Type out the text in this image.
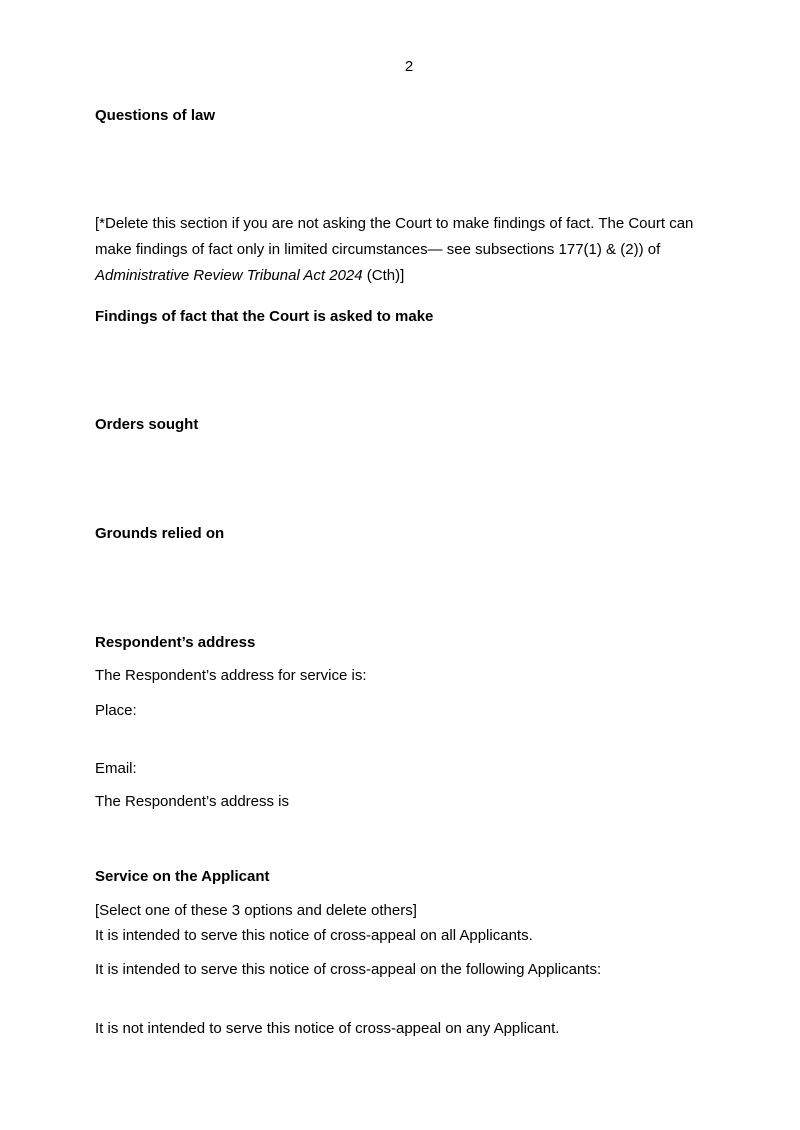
2
Questions of law
[*Delete this section if you are not asking the Court to make findings of fact. The Court can
make findings of fact only in limited circumstances— see subsections 177(1) & (2)) of
Administrative Review Tribunal Act 2024 (Cth)]
Findings of fact that the Court is asked to make
Orders sought
Grounds relied on
Respondent’s address
The Respondent’s address for service is:
Place:
Email:
The Respondent’s address is
Service on the Applicant
[Select one of these 3 options and delete others]
It is intended to serve this notice of cross-appeal on all Applicants.
It is intended to serve this notice of cross-appeal on the following Applicants:
It is not intended to serve this notice of cross-appeal on any Applicant.
